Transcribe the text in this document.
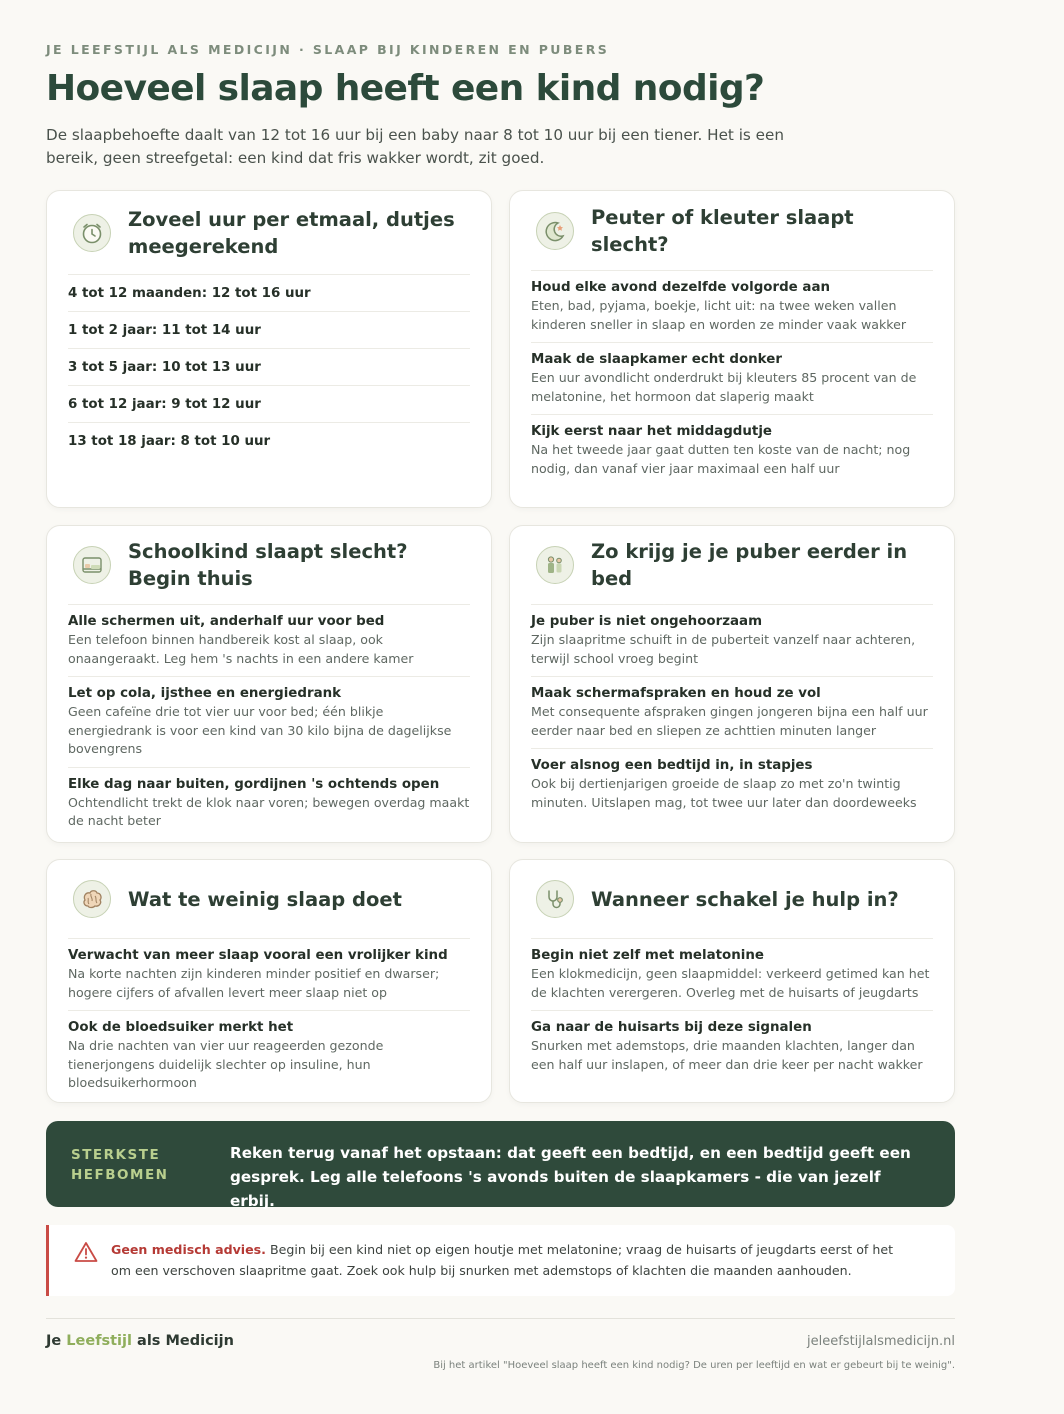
JE LEEFSTIJL ALS MEDICIJN · SLAAP BIJ KINDEREN EN PUBERS
Hoeveel slaap heeft een kind nodig?

De slaapbehoefte daalt van 12 tot 16 uur bij een baby naar 8 tot 10 uur bij een tiener. Het is een bereik, geen streefgetal: een kind dat fris wakker wordt, zit goed.

Zoveel uur per etmaal, dutjes meegerekend
4 tot 12 maanden: 12 tot 16 uur
1 tot 2 jaar: 11 tot 14 uur
3 tot 5 jaar: 10 tot 13 uur
6 tot 12 jaar: 9 tot 12 uur
13 tot 18 jaar: 8 tot 10 uur
Peuter of kleuter slaapt slecht?
Houd elke avond dezelfde volgorde aan
Eten, bad, pyjama, boekje, licht uit: na twee weken vallen kinderen sneller in slaap en worden ze minder vaak wakker
Maak de slaapkamer echt donker
Een uur avondlicht onderdrukt bij kleuters 85 procent van de melatonine, het hormoon dat slaperig maakt
Kijk eerst naar het middagdutje
Na het tweede jaar gaat dutten ten koste van de nacht; nog nodig, dan vanaf vier jaar maximaal een half uur
Schoolkind slaapt slecht? Begin thuis
Alle schermen uit, anderhalf uur voor bed
Een telefoon binnen handbereik kost al slaap, ook onaangeraakt. Leg hem 's nachts in een andere kamer
Let op cola, ijsthee en energiedrank
Geen cafeïne drie tot vier uur voor bed; één blikje energiedrank is voor een kind van 30 kilo bijna de dagelijkse bovengrens
Elke dag naar buiten, gordijnen 's ochtends open
Ochtendlicht trekt de klok naar voren; bewegen overdag maakt de nacht beter
Zo krijg je je puber eerder in bed
Je puber is niet ongehoorzaam
Zijn slaapritme schuift in de puberteit vanzelf naar achteren, terwijl school vroeg begint
Maak schermafspraken en houd ze vol
Met consequente afspraken gingen jongeren bijna een half uur eerder naar bed en sliepen ze achttien minuten langer
Voer alsnog een bedtijd in, in stapjes
Ook bij dertienjarigen groeide de slaap zo met zo'n twintig minuten. Uitslapen mag, tot twee uur later dan doordeweeks
Wat te weinig slaap doet
Verwacht van meer slaap vooral een vrolijker kind
Na korte nachten zijn kinderen minder positief en dwarser; hogere cijfers of afvallen levert meer slaap niet op
Ook de bloedsuiker merkt het
Na drie nachten van vier uur reageerden gezonde tienerjongens duidelijk slechter op insuline, hun bloedsuikerhormoon
Wanneer schakel je hulp in?
Begin niet zelf met melatonine
Een klokmedicijn, geen slaapmiddel: verkeerd getimed kan het de klachten verergeren. Overleg met de huisarts of jeugdarts
Ga naar de huisarts bij deze signalen
Snurken met ademstops, drie maanden klachten, langer dan een half uur inslapen, of meer dan drie keer per nacht wakker
STERKSTE HEFBOMEN
Reken terug vanaf het opstaan: dat geeft een bedtijd, en een bedtijd geeft een gesprek. Leg alle telefoons 's avonds buiten de slaapkamers - die van jezelf erbij.

Geen medisch advies. Begin bij een kind niet op eigen houtje met melatonine; vraag de huisarts of jeugdarts eerst of het om een verschoven slaapritme gaat. Zoek ook hulp bij snurken met ademstops of klachten die maanden aanhouden.

Je Leefstijl als Medicijn	jeleefstijlalsmedicijn.nl
Bij het artikel "Hoeveel slaap heeft een kind nodig? De uren per leeftijd en wat er gebeurt bij te weinig".
